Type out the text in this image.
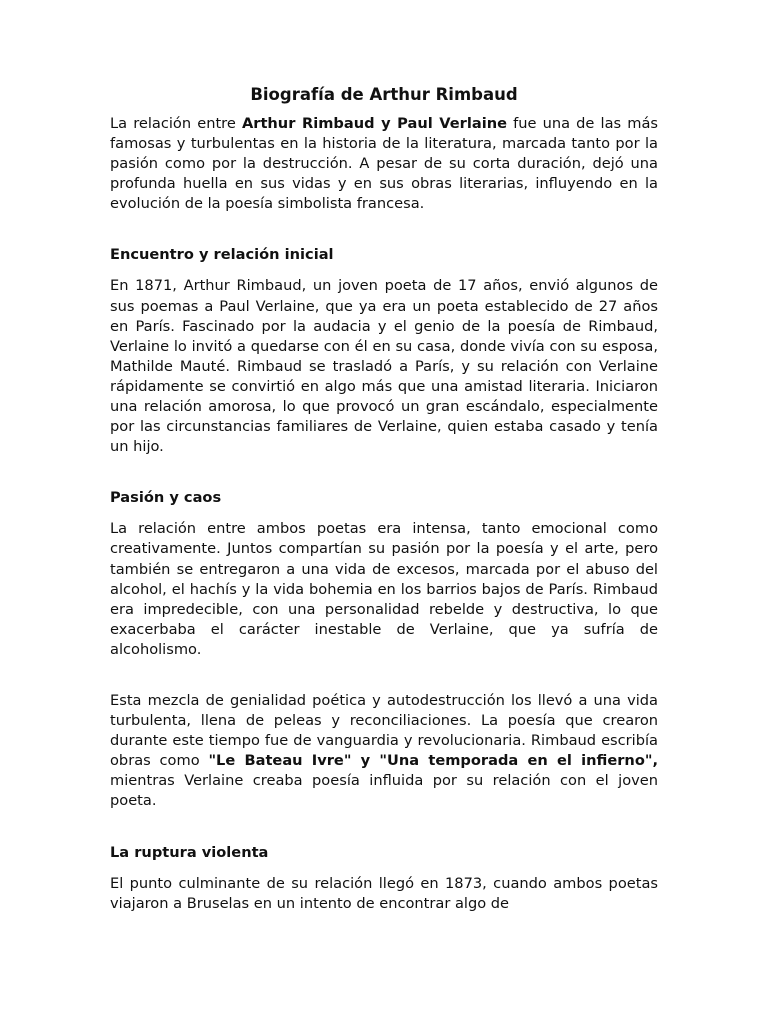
Biografía de Arthur Rimbaud

La relación entre Arthur Rimbaud y Paul Verlaine fue una de las más famosas y turbulentas en la historia de la literatura, marcada tanto por la pasión como por la destrucción. A pesar de su corta duración, dejó una profunda huella en sus vidas y en sus obras literarias, influyendo en la evolución de la poesía simbolista francesa.

Encuentro y relación inicial

En 1871, Arthur Rimbaud, un joven poeta de 17 años, envió algunos de sus poemas a Paul Verlaine, que ya era un poeta establecido de 27 años en París. Fascinado por la audacia y el genio de la poesía de Rimbaud, Verlaine lo invitó a quedarse con él en su casa, donde vivía con su esposa, Mathilde Mauté. Rimbaud se trasladó a París, y su relación con Verlaine rápidamente se convirtió en algo más que una amistad literaria. Iniciaron una relación amorosa, lo que provocó un gran escándalo, especialmente por las circunstancias familiares de Verlaine, quien estaba casado y tenía un hijo.

Pasión y caos

La relación entre ambos poetas era intensa, tanto emocional como creativamente. Juntos compartían su pasión por la poesía y el arte, pero también se entregaron a una vida de excesos, marcada por el abuso del alcohol, el hachís y la vida bohemia en los barrios bajos de París. Rimbaud era impredecible, con una personalidad rebelde y destructiva, lo que exacerbaba el carácter inestable de Verlaine, que ya sufría de alcoholismo.

Esta mezcla de genialidad poética y autodestrucción los llevó a una vida turbulenta, llena de peleas y reconciliaciones. La poesía que crearon durante este tiempo fue de vanguardia y revolucionaria. Rimbaud escribía obras como "Le Bateau Ivre" y "Una temporada en el infierno", mientras Verlaine creaba poesía influida por su relación con el joven poeta.

La ruptura violenta

El punto culminante de su relación llegó en 1873, cuando ambos poetas viajaron a Bruselas en un intento de encontrar algo de
